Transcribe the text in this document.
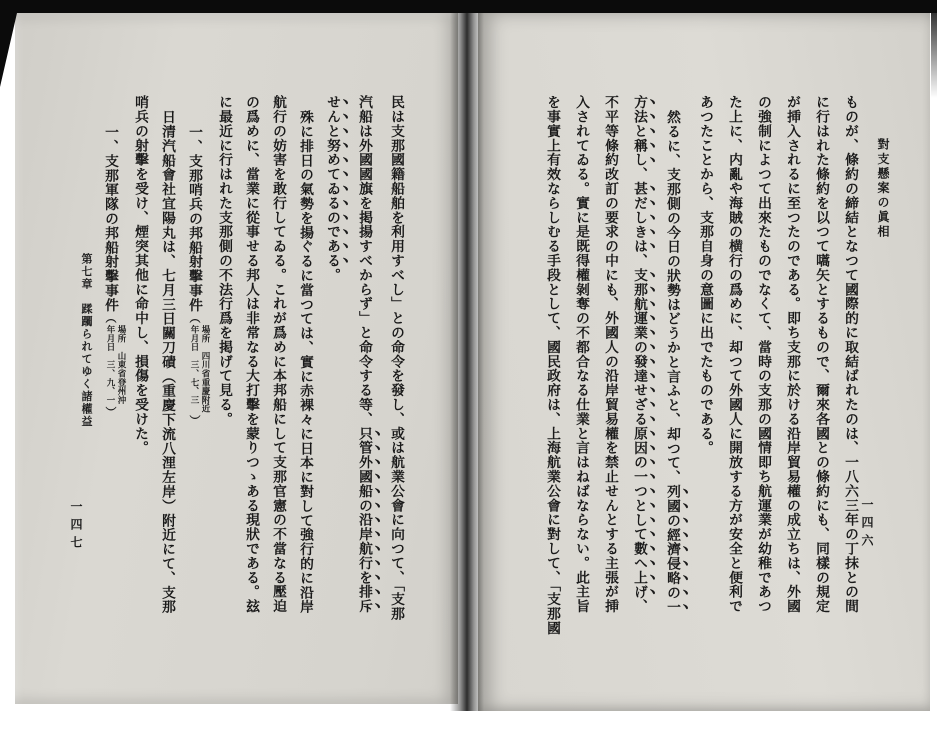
民は支那國籍船舶を利用すべし」との命令を發し、或は航業公會に向つて、「支那
汽船は外國國旗を掲揚すべからず」と命令する等、只管外國船の沿岸航行を排斥
せんと努めてゐるのである。
殊に排日の氣勢を揚ぐるに當つては、實に赤裸々に日本に對して強行的に沿岸
航行の妨害を敢行してゐる。これが爲めに本邦船にして支那官憲の不當なる壓迫
の爲めに、當業に從事せる邦人は非常なる大打擊を蒙りつゝある現狀である。玆
に最近に行はれた支那側の不法行爲を掲げて見る。
一、支那哨兵の邦船射擊事件（
場所　四川省重慶附近
年月日　三、七、三
）
日清汽船會社宜陽丸は、七月三日關刀磧（重慶下流八浬左岸）附近にて、支那
哨兵の射擊を受け、煙突其他に命中し、損傷を受けた。
一、支那軍隊の邦船射擊事件（
場所　山東省登州沖
年月日　三、九、一
）
第七章　蹂躙られてゆく諸權益
一四七	ものが、條約の締結となつて國際的に取結ばれたのは、一八六三年の丁抹との間
に行はれた條約を以つて嚆矢とするもので、爾來各國との條約にも、同樣の規定
が挿入されるに至つたのである。即ち支那に於ける沿岸貿易權の成立ちは、外國
の強制によつて出來たものでなくて、當時の支那の國情即ち航運業が幼稚であつ
た上に、内亂や海賊の横行の爲めに、却つて外國人に開放する方が安全と便利で
あつたことから、支那自身の意圖に出でたものである。
然るに、支那側の今日の狀勢はどうかと言ふと、却つて、列國の經濟侵略の一
方法と稱し、甚だしきは、支那航運業の發達せざる原因の一つとして數へ上げ、
不平等條約改訂の要求の中にも、外國人の沿岸貿易權を禁止せんとする主張が挿
入されてゐる。實に是既得權剝奪の不都合なる仕業と言はねばならない。此主旨
を事實上有效ならしむる手段として、國民政府は、上海航業公會に對して、「支那國	對支懸案の眞相
一四六
